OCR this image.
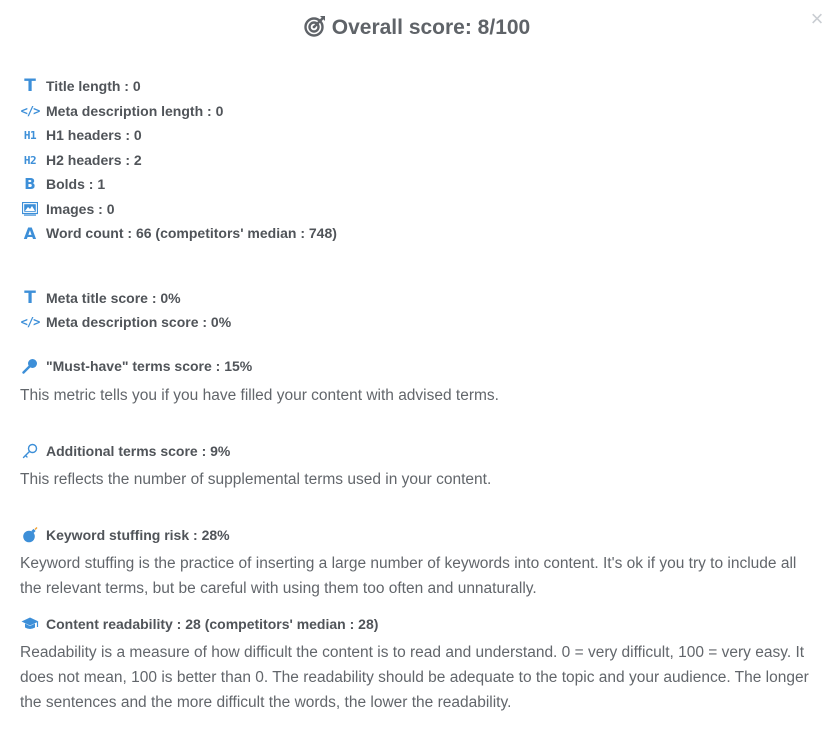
Overall score: 8/100	×
T Title length : 0
</> Meta description length : 0
H1 H1 headers : 0
H2 H2 headers : 2
B Bolds : 1
Images : 0
A Word count : 66 (competitors' median : 748)
T Meta title score : 0%
</> Meta description score : 0%
"Must-have" terms score : 15%
This metric tells you if you have filled your content with advised terms.
Additional terms score : 9%
This reflects the number of supplemental terms used in your content.
Keyword stuffing risk : 28%
Keyword stuffing is the practice of inserting a large number of keywords into content. It's ok if you try to include all the relevant terms, but be careful with using them too often and unnaturally.
Content readability : 28 (competitors' median : 28)
Readability is a measure of how difficult the content is to read and understand. 0 = very difficult, 100 = very easy. It does not mean, 100 is better than 0. The readability should be adequate to the topic and your audience. The longer the sentences and the more difficult the words, the lower the readability.
